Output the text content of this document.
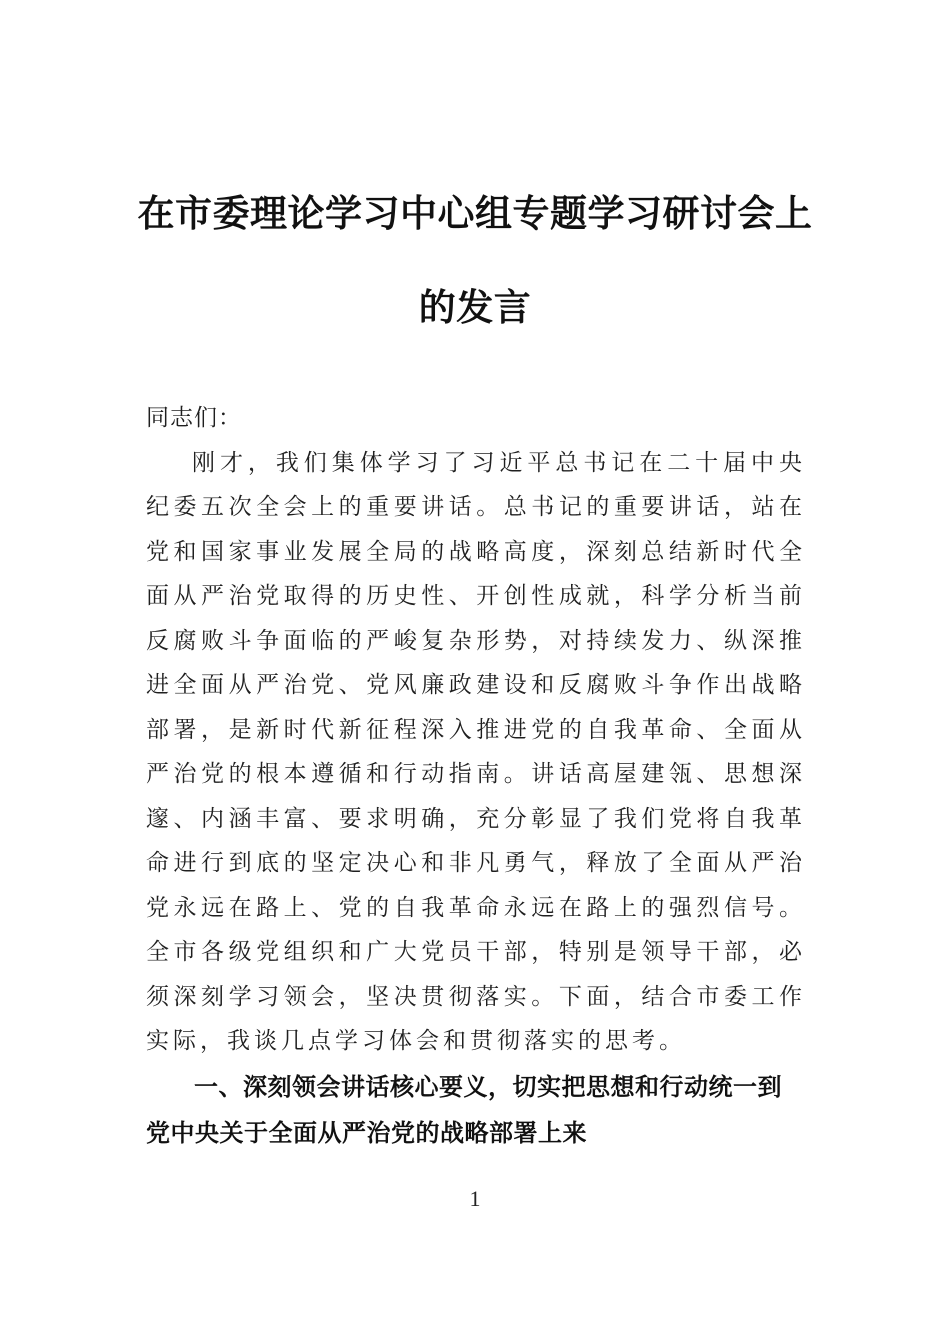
在市委理论学习中心组专题学习研讨会上
的发言

同志们：

刚才，我们集体学习了习近平总书记在二十届中央纪委五次全会上的重要讲话。总书记的重要讲话，站在党和国家事业发展全局的战略高度，深刻总结新时代全面从严治党取得的历史性、开创性成就，科学分析当前反腐败斗争面临的严峻复杂形势，对持续发力、纵深推进全面从严治党、党风廉政建设和反腐败斗争作出战略部署，是新时代新征程深入推进党的自我革命、全面从严治党的根本遵循和行动指南。讲话高屋建瓴、思想深邃、内涵丰富、要求明确，充分彰显了我们党将自我革命进行到底的坚定决心和非凡勇气，释放了全面从严治党永远在路上、党的自我革命永远在路上的强烈信号。全市各级党组织和广大党员干部，特别是领导干部，必须深刻学习领会，坚决贯彻落实。下面，结合市委工作实际，我谈几点学习体会和贯彻落实的思考。

一、深刻领会讲话核心要义，切实把思想和行动统一到党中央关于全面从严治党的战略部署上来

1
